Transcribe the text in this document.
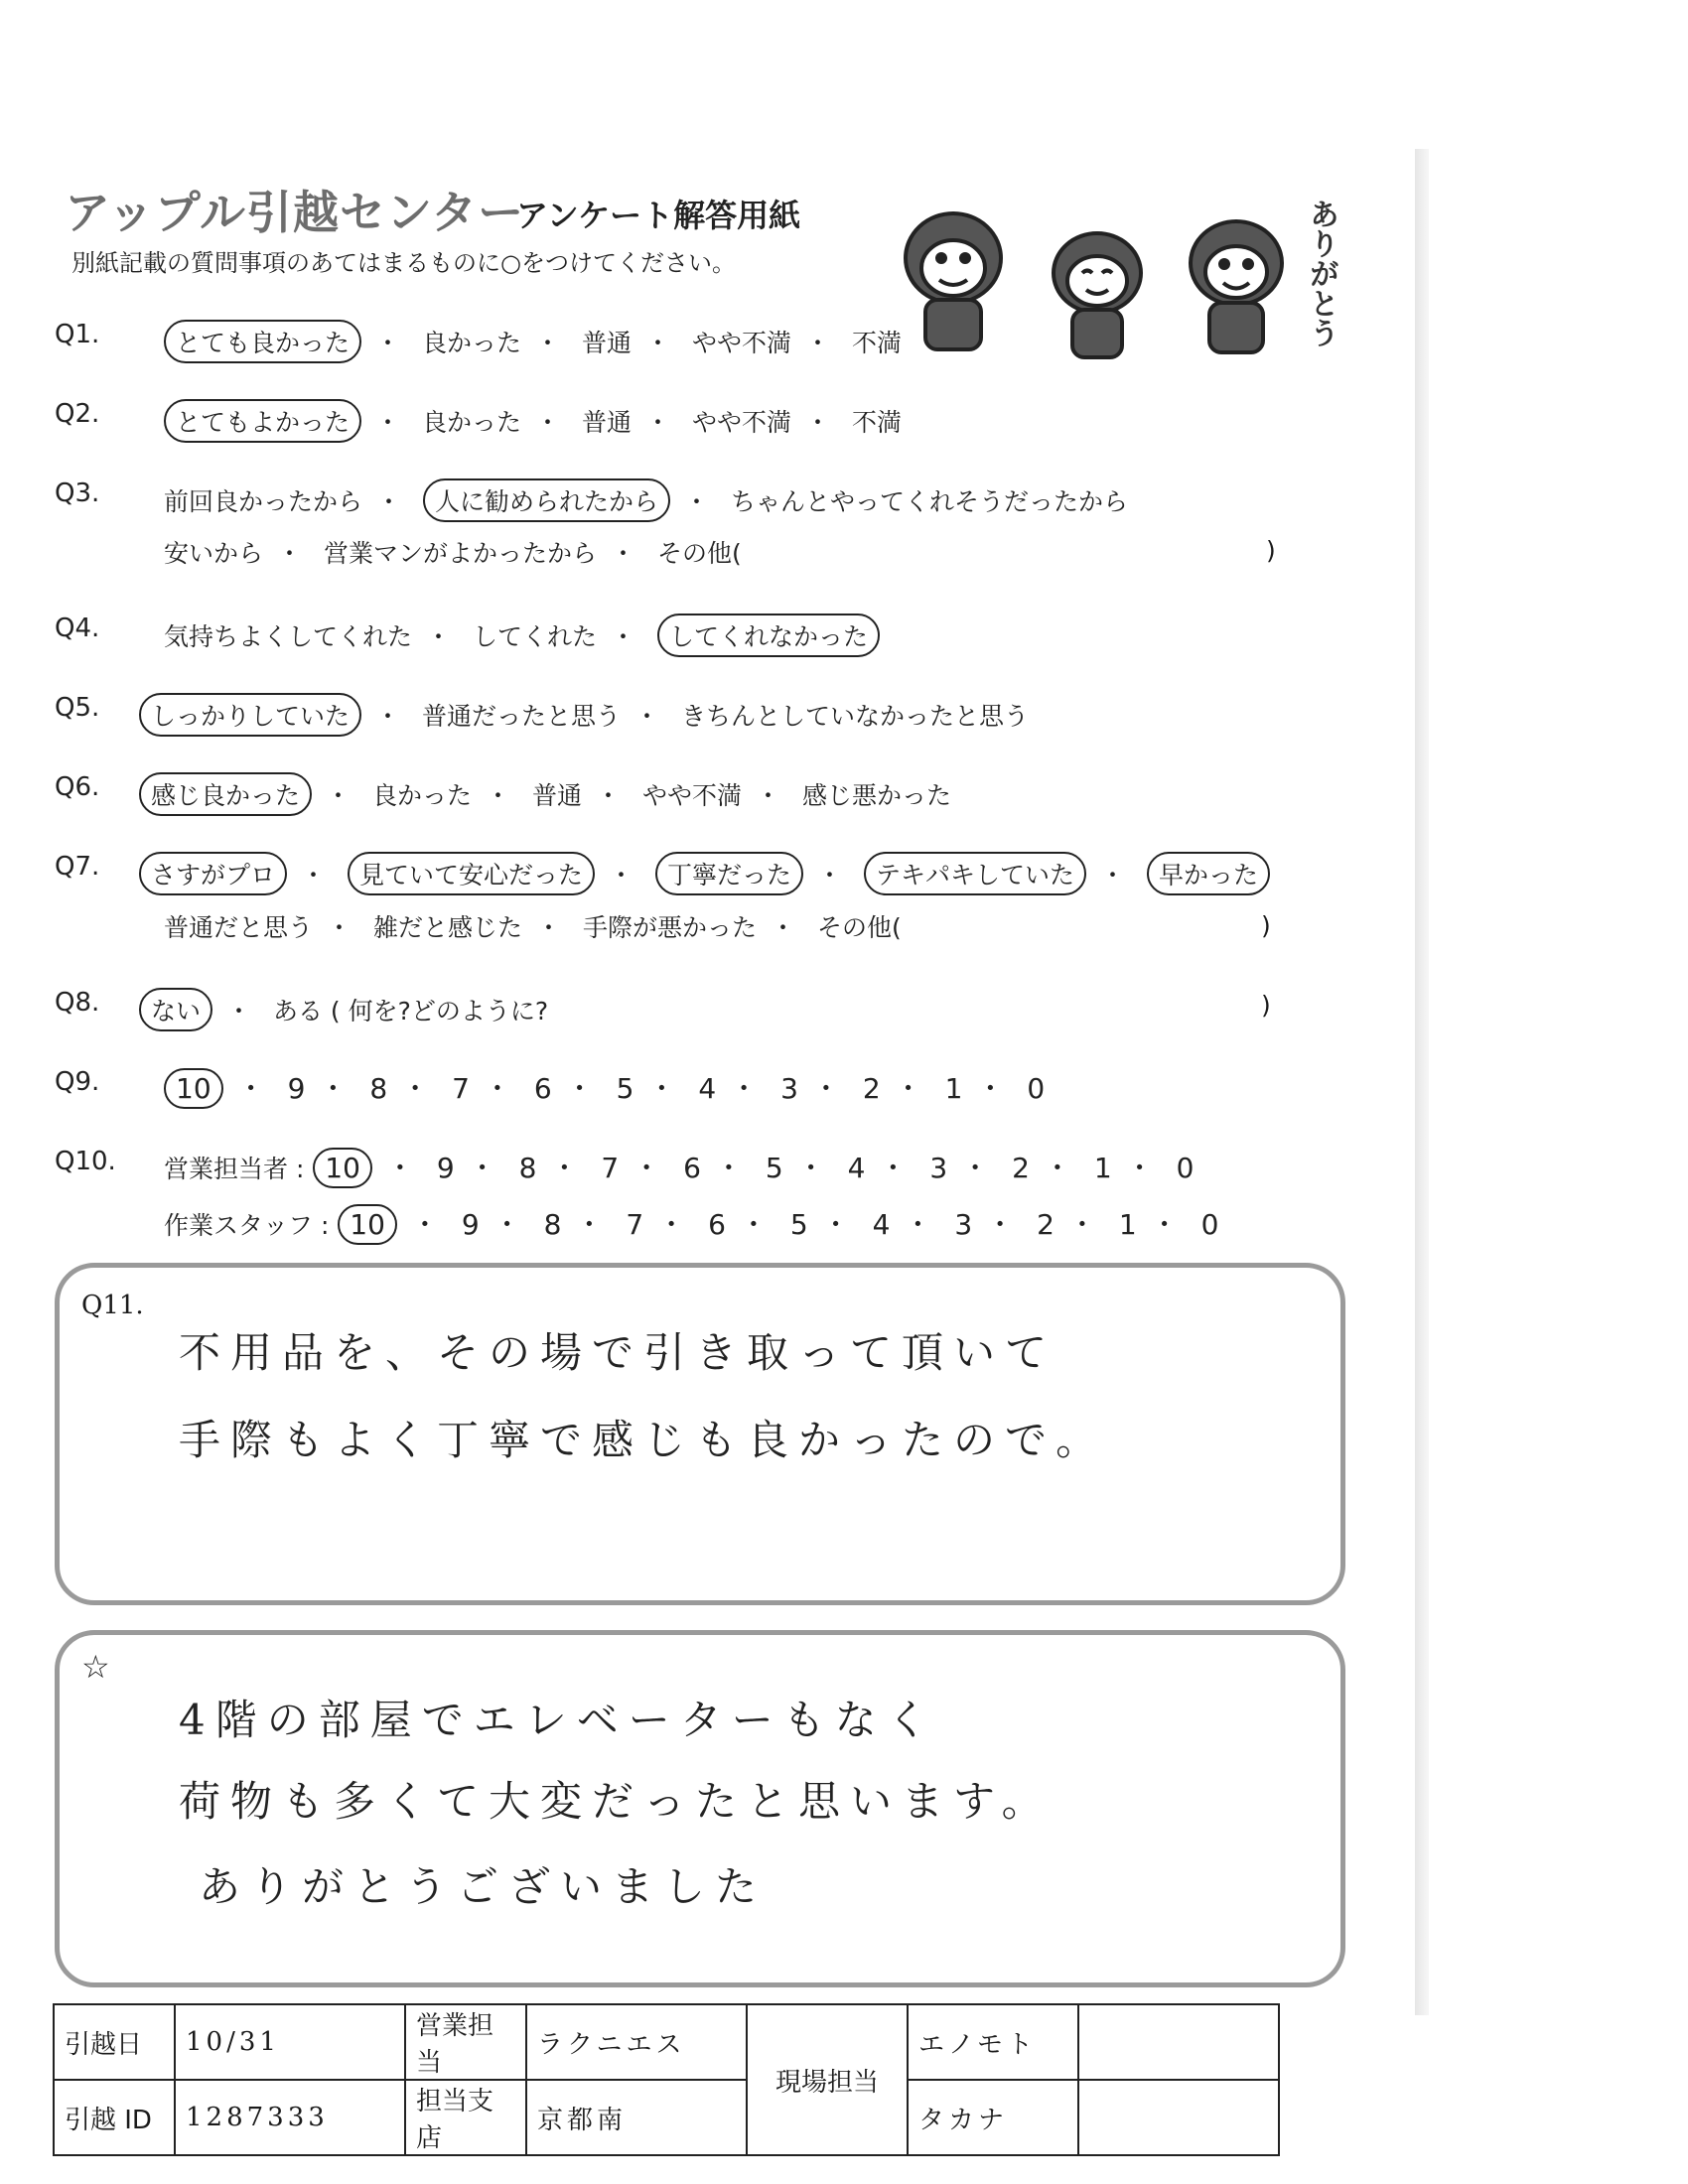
アップル引越センター
アンケート解答用紙
別紙記載の質問事項のあてはまるものに○をつけてください。	ありがとう
Q1.	とても良かった ・ 良かった ・ 普通 ・ やや不満 ・ 不満
Q2.	とてもよかった ・ 良かった ・ 普通 ・ やや不満 ・ 不満
Q3.	前回良かったから ・ 人に勧められたから ・ ちゃんとやってくれそうだったから
安いから ・ 営業マンがよかったから ・ その他(	)
Q4.	気持ちよくしてくれた ・ してくれた ・ してくれなかった
Q5.	しっかりしていた ・ 普通だったと思う ・ きちんとしていなかったと思う
Q6.	感じ良かった ・ 良かった ・ 普通 ・ やや不満 ・ 感じ悪かった
Q7.	さすがプロ ・ 見ていて安心だった ・ 丁寧だった ・ テキパキしていた ・ 早かった
普通だと思う ・ 雑だと感じた ・ 手際が悪かった ・ その他(	)
Q8.	ない ・ ある ( 何を?どのように?	)
Q9.	10 ・ 9 ・ 8 ・ 7 ・ 6 ・ 5 ・ 4 ・ 3 ・ 2 ・ 1 ・ 0
Q10. 営業担当者 : 10 ・ 9 ・ 8 ・ 7 ・ 6 ・ 5 ・ 4 ・ 3 ・ 2 ・ 1 ・ 0
作業スタッフ : 10 ・ 9 ・ 8 ・ 7 ・ 6 ・ 5 ・ 4 ・ 3 ・ 2 ・ 1 ・ 0
Q11.
不用品を、その場で引き取って頂いて
手際もよく丁寧で感じも良かったので。
☆
4階の部屋でエレベーターもなく
荷物も多くて大変だったと思います。
ありがとうございました
引越日	10/31	営業担当	ラクニエス	現場担当	エノモト	
引越 ID	1287333	担当支店	京都南		タカナ	
